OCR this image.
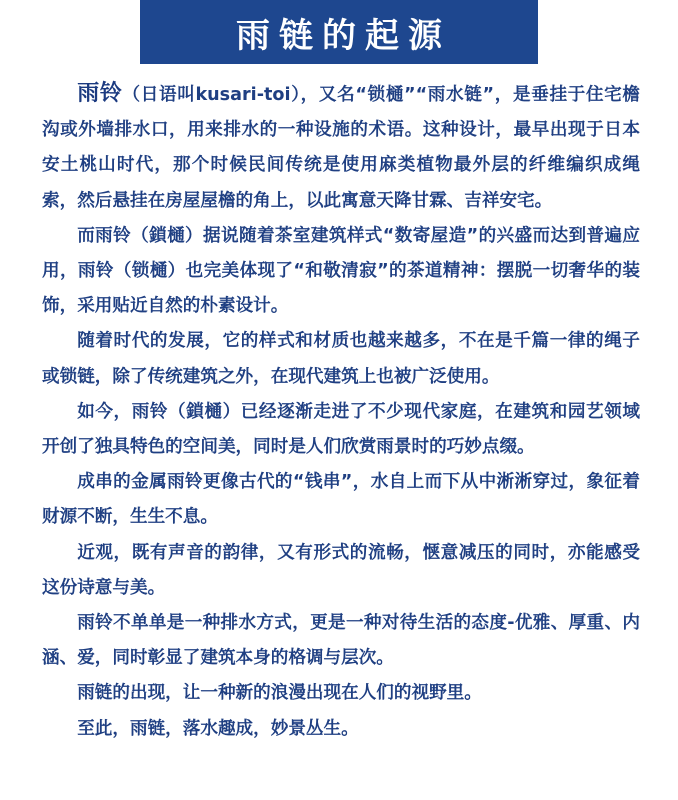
雨链的起源

雨铃（日语叫kusari-toi），又名“锁樋”“雨水链”，是垂挂于住宅檐沟或外墙排水口，用来排水的一种设施的术语。这种设计，最早出现于日本安土桃山时代，那个时候民间传统是使用麻类植物最外层的纤维编织成绳索，然后悬挂在房屋屋檐的角上，以此寓意天降甘霖、吉祥安宅。

而雨铃（鎖樋）据说随着茶室建筑样式“数寄屋造”的兴盛而达到普遍应用，雨铃（锁樋）也完美体现了“和敬清寂”的茶道精神：摆脱一切奢华的装饰，采用贴近自然的朴素设计。

随着时代的发展，它的样式和材质也越来越多，不在是千篇一律的绳子或锁链，除了传统建筑之外，在现代建筑上也被广泛使用。

如今，雨铃（鎖樋）已经逐渐走进了不少现代家庭，在建筑和园艺领域开创了独具特色的空间美，同时是人们欣赏雨景时的巧妙点缀。

成串的金属雨铃更像古代的“钱串”，水自上而下从中淅淅穿过，象征着财源不断，生生不息。

近观，既有声音的韵律，又有形式的流畅，惬意减压的同时，亦能感受这份诗意与美。

雨铃不单单是一种排水方式，更是一种对待生活的态度-优雅、厚重、内涵、爱，同时彰显了建筑本身的格调与层次。

雨链的出现，让一种新的浪漫出现在人们的视野里。

至此，雨链，落水趣成，妙景丛生。
